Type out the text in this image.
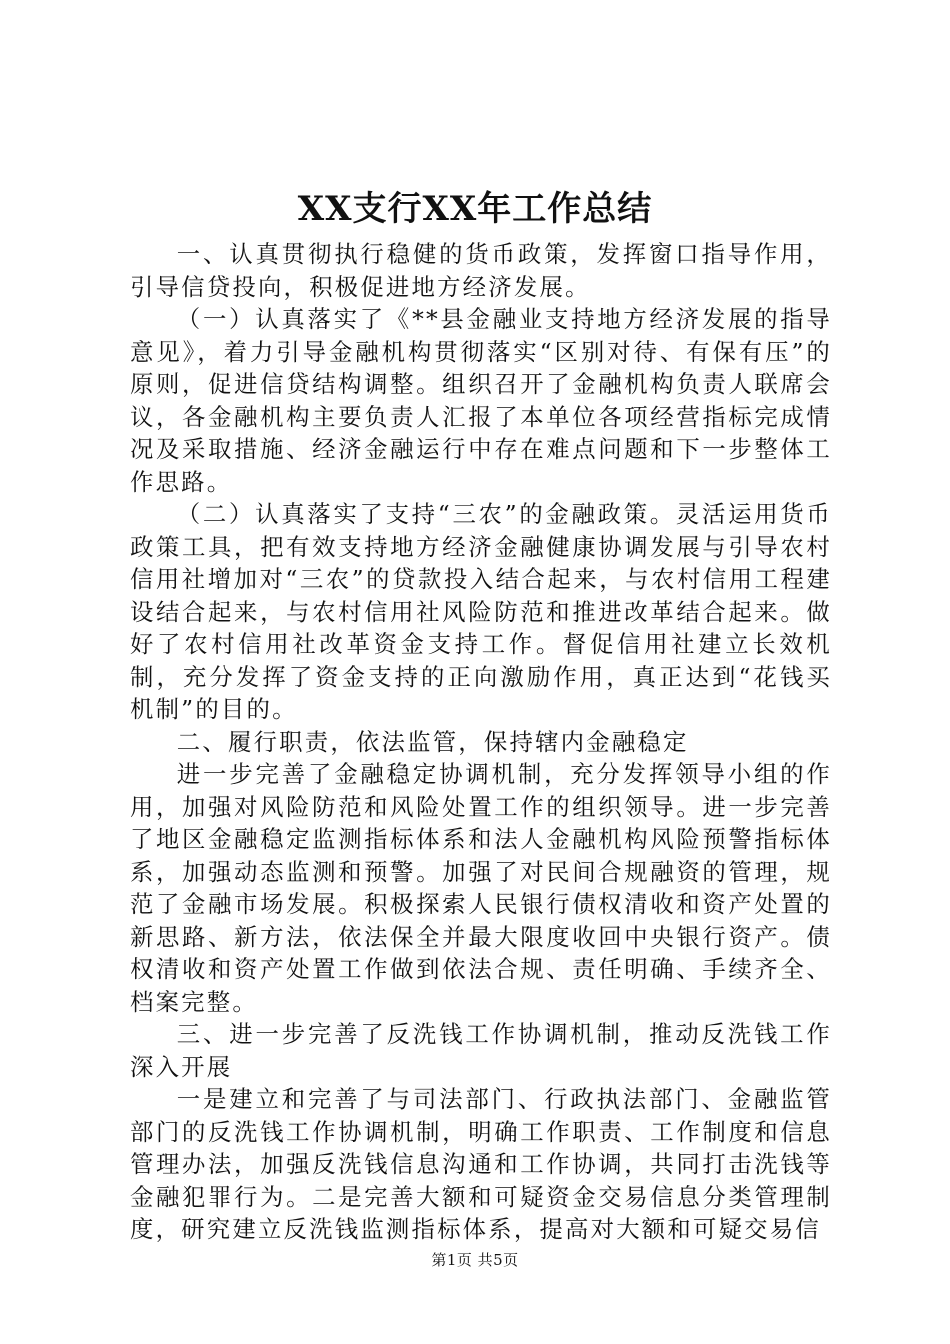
XX支行XX年工作总结

一、认真贯彻执行稳健的货币政策，发挥窗口指导作用，引导信贷投向，积极促进地方经济发展。

（一）认真落实了《**县金融业支持地方经济发展的指导意见》，着力引导金融机构贯彻落实“区别对待、有保有压”的原则，促进信贷结构调整。组织召开了金融机构负责人联席会议，各金融机构主要负责人汇报了本单位各项经营指标完成情况及采取措施、经济金融运行中存在难点问题和下一步整体工作思路。

（二）认真落实了支持“三农”的金融政策。灵活运用货币政策工具，把有效支持地方经济金融健康协调发展与引导农村信用社增加对“三农”的贷款投入结合起来，与农村信用工程建设结合起来，与农村信用社风险防范和推进改革结合起来。做好了农村信用社改革资金支持工作。督促信用社建立长效机制，充分发挥了资金支持的正向激励作用，真正达到“花钱买机制”的目的。

二、履行职责，依法监管，保持辖内金融稳定

进一步完善了金融稳定协调机制，充分发挥领导小组的作用，加强对风险防范和风险处置工作的组织领导。进一步完善了地区金融稳定监测指标体系和法人金融机构风险预警指标体系，加强动态监测和预警。加强了对民间合规融资的管理，规范了金融市场发展。积极探索人民银行债权清收和资产处置的新思路、新方法，依法保全并最大限度收回中央银行资产。债权清收和资产处置工作做到依法合规、责任明确、手续齐全、档案完整。

三、进一步完善了反洗钱工作协调机制，推动反洗钱工作深入开展

一是建立和完善了与司法部门、行政执法部门、金融监管部门的反洗钱工作协调机制，明确工作职责、工作制度和信息管理办法，加强反洗钱信息沟通和工作协调，共同打击洗钱等金融犯罪行为。二是完善大额和可疑资金交易信息分类管理制度，研究建立反洗钱监测指标体系，提高对大额和可疑交易信

第1页 共5页
